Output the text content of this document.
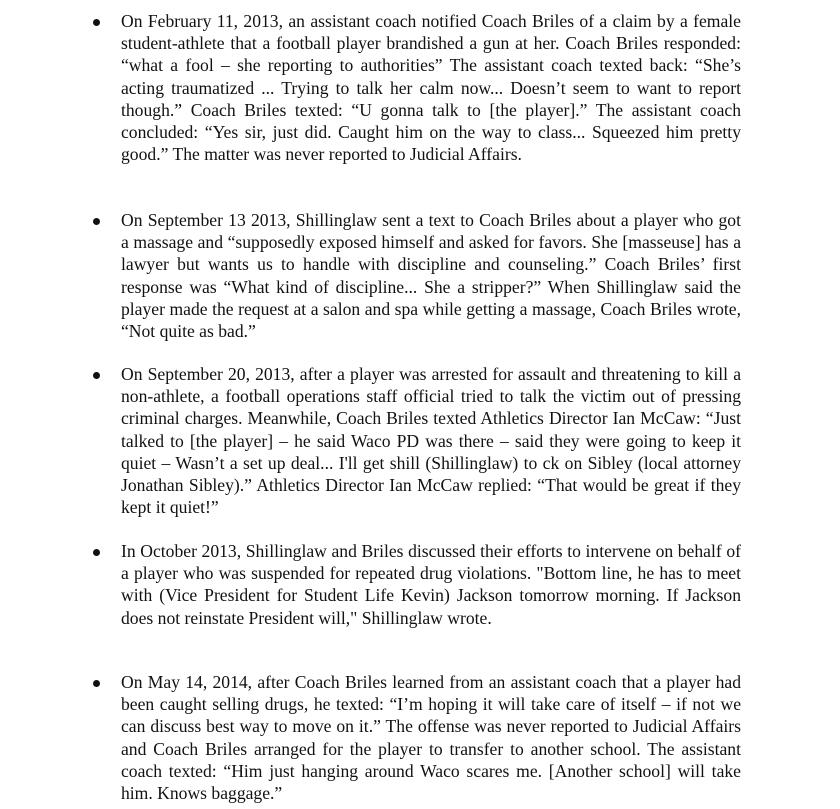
On February 11, 2013, an assistant coach notified Coach Briles of a claim by a female student-athlete that a football player brandished a gun at her. Coach Briles responded: “what a fool – she reporting to authorities” The assistant coach texted back: “She’s acting traumatized ... Trying to talk her calm now... Doesn’t seem to want to report though.” Coach Briles texted: “U gonna talk to [the player].” The assistant coach concluded: “Yes sir, just did. Caught him on the way to class... Squeezed him pretty good.” The matter was never reported to Judicial Affairs.

On September 13 2013, Shillinglaw sent a text to Coach Briles about a player who got a massage and “supposedly exposed himself and asked for favors. She [masseuse] has a lawyer but wants us to handle with discipline and counseling.” Coach Briles’ first response was “What kind of discipline... She a stripper?” When Shillinglaw said the player made the request at a salon and spa while getting a massage, Coach Briles wrote, “Not quite as bad.”

On September 20, 2013, after a player was arrested for assault and threatening to kill a non-athlete, a football operations staff official tried to talk the victim out of pressing criminal charges. Meanwhile, Coach Briles texted Athletics Director Ian McCaw: “Just talked to [the player] – he said Waco PD was there – said they were going to keep it quiet – Wasn’t a set up deal... I'll get shill (Shillinglaw) to ck on Sibley (local attorney Jonathan Sibley).” Athletics Director Ian McCaw replied: “That would be great if they kept it quiet!”

In October 2013, Shillinglaw and Briles discussed their efforts to intervene on behalf of a player who was suspended for repeated drug violations. "Bottom line, he has to meet with (Vice President for Student Life Kevin) Jackson tomorrow morning. If Jackson does not reinstate President will," Shillinglaw wrote.

On May 14, 2014, after Coach Briles learned from an assistant coach that a player had been caught selling drugs, he texted: “I’m hoping it will take care of itself – if not we can discuss best way to move on it.” The offense was never reported to Judicial Affairs and Coach Briles arranged for the player to transfer to another school. The assistant coach texted: “Him just hanging around Waco scares me. [Another school] will take him. Knows baggage.”
